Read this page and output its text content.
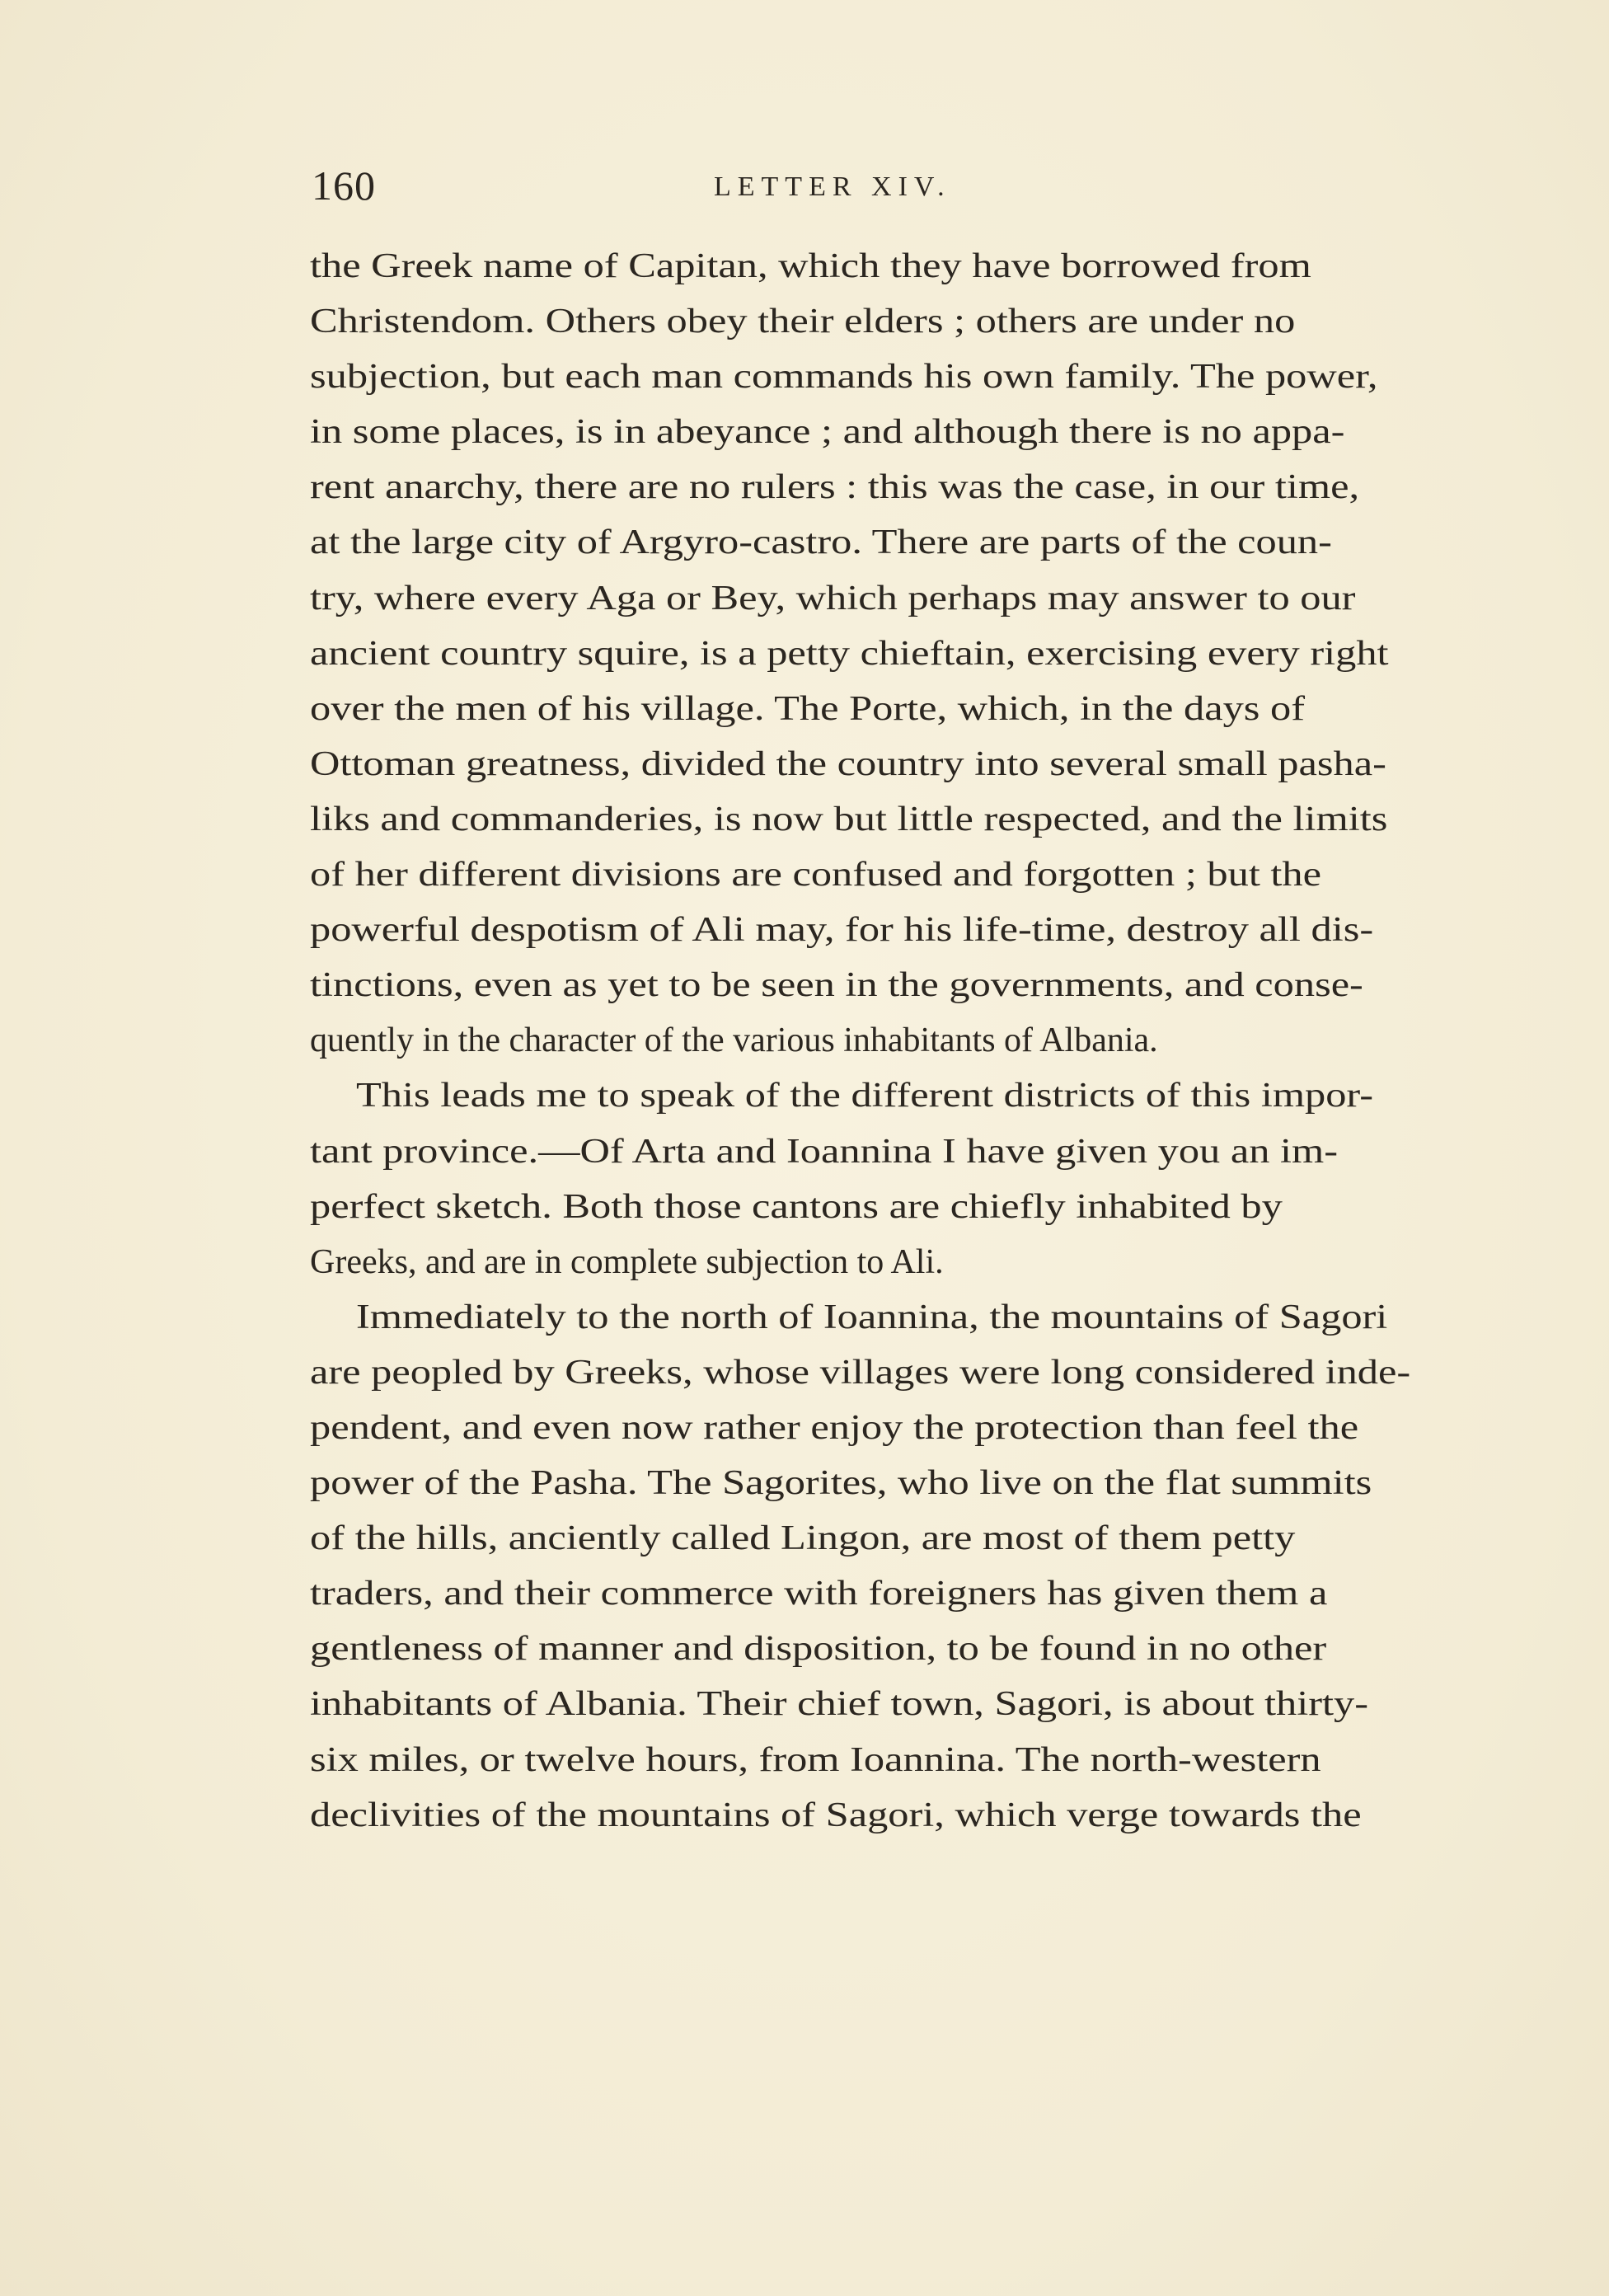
160	LETTER XIV.
the Greek name of Capitan, which they have borrowed from
Christendom. Others obey their elders ; others are under no
subjection, but each man commands his own family. The power,
in some places, is in abeyance ; and although there is no appa-
rent anarchy, there are no rulers : this was the case, in our time,
at the large city of Argyro-castro. There are parts of the coun-
try, where every Aga or Bey, which perhaps may answer to our
ancient country squire, is a petty chieftain, exercising every right
over the men of his village. The Porte, which, in the days of
Ottoman greatness, divided the country into several small pasha-
liks and commanderies, is now but little respected, and the limits
of her different divisions are confused and forgotten ; but the
powerful despotism of Ali may, for his life-time, destroy all dis-
tinctions, even as yet to be seen in the governments, and conse-
quently in the character of the various inhabitants of Albania.
This leads me to speak of the different districts of this impor-
tant province.—Of Arta and Ioannina I have given you an im-
perfect sketch. Both those cantons are chiefly inhabited by
Greeks, and are in complete subjection to Ali.
Immediately to the north of Ioannina, the mountains of Sagori
are peopled by Greeks, whose villages were long considered inde-
pendent, and even now rather enjoy the protection than feel the
power of the Pasha. The Sagorites, who live on the flat summits
of the hills, anciently called Lingon, are most of them petty
traders, and their commerce with foreigners has given them a
gentleness of manner and disposition, to be found in no other
inhabitants of Albania. Their chief town, Sagori, is about thirty-
six miles, or twelve hours, from Ioannina. The north-western
declivities of the mountains of Sagori, which verge towards the
